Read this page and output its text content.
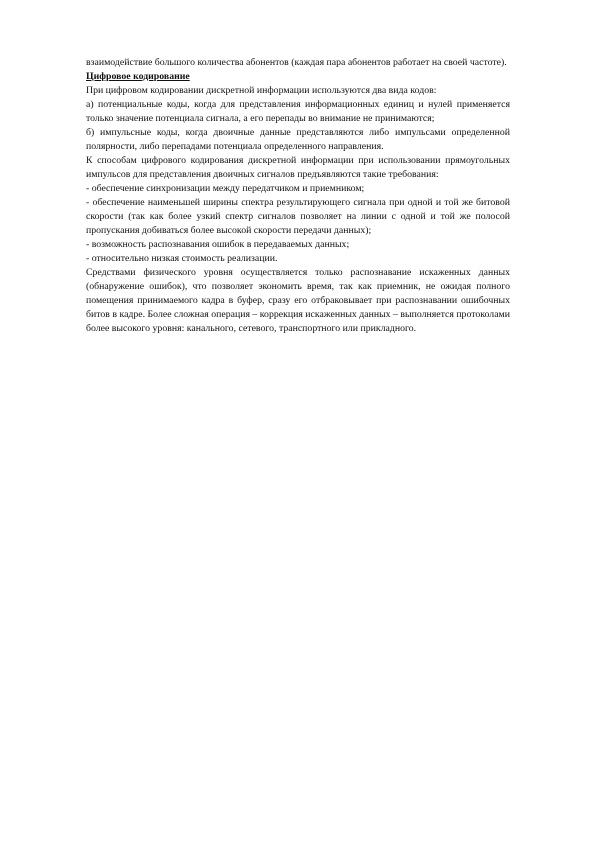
взаимодействие большого количества абонентов (каждая пара абонентов работает на своей частоте).

Цифровое кодирование

При цифровом кодировании дискретной информации используются два вида кодов:

а) потенциальные коды, когда для представления информационных единиц и нулей применяется только значение потенциала сигнала, а его перепады во внимание не принимаются;

б) импульсные коды, когда двоичные данные представляются либо импульсами определенной полярности, либо перепадами потенциала определенного направления.

К способам цифрового кодирования дискретной информации при использовании прямоугольных импульсов для представления двоичных сигналов предъявляются такие требования:

- обеспечение синхронизации между передатчиком и приемником;

- обеспечение наименьшей ширины спектра результирующего сигнала при одной и той же битовой скорости (так как более узкий спектр сигналов позволяет на линии с одной и той же полосой пропускания добиваться более высокой скорости передачи данных);

- возможность распознавания ошибок в передаваемых данных;

- относительно низкая стоимость реализации.

Средствами физического уровня осуществляется только распознавание искаженных данных (обнаружение ошибок), что позволяет экономить время, так как приемник, не ожидая полного помещения принимаемого кадра в буфер, сразу его отбраковывает при распознавании ошибочных битов в кадре. Более сложная операция – коррекция искаженных данных – выполняется протоколами более высокого уровня: канального, сетевого, транспортного или прикладного.
